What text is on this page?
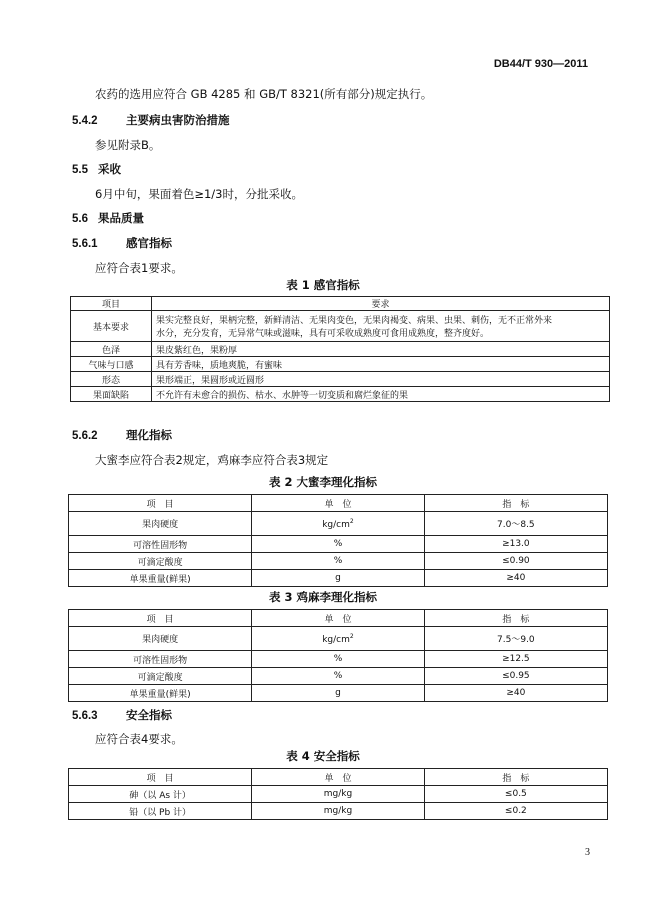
DB44/T 930—2011
农药的选用应符合 GB 4285 和 GB/T 8321(所有部分)规定执行。
5.4.2 主要病虫害防治措施
参见附录B。
5.5 采收
6月中旬，果面着色≥1/3时，分批采收。
5.6 果品质量
5.6.1 感官指标
应符合表1要求。
表 1 感官指标
项目	要求
基本要求	果实完整良好，果柄完整，新鲜清洁、无果肉变色，无果肉褐变、病果、虫果、刺伤，无不正常外来
水分，充分发育，无异常气味或滋味，具有可采收成熟度可食用成熟度，整齐度好。

色泽	果皮紫红色，果粉厚
气味与口感	具有芳香味，质地爽脆，有蜜味
形态	果形端正，果圆形或近圆形
果面缺陷	不允许有未愈合的损伤、枯水、水肿等一切变质和腐烂象征的果
5.6.2 理化指标
大蜜李应符合表2规定，鸡麻李应符合表3规定
表 2 大蜜李理化指标
项　目	单　位	指　标
果肉硬度	$kg/cm^2$	7.0～8.5
可溶性固形物	%	≥13.0
可滴定酸度	%	≤0.90
单果重量(鲜果)	g	≥40
表 3 鸡麻李理化指标
项　目	单　位	指　标
果肉硬度	$kg/cm^2$	7.5～9.0
可溶性固形物	%	≥12.5
可滴定酸度	%	≤0.95
单果重量(鲜果)	g	≥40
5.6.3 安全指标
应符合表4要求。
表 4 安全指标
项　目	单　位	指　标
砷（以 As 计）	mg/kg	≤0.5
铅（以 Pb 计）	mg/kg	≤0.2
3
